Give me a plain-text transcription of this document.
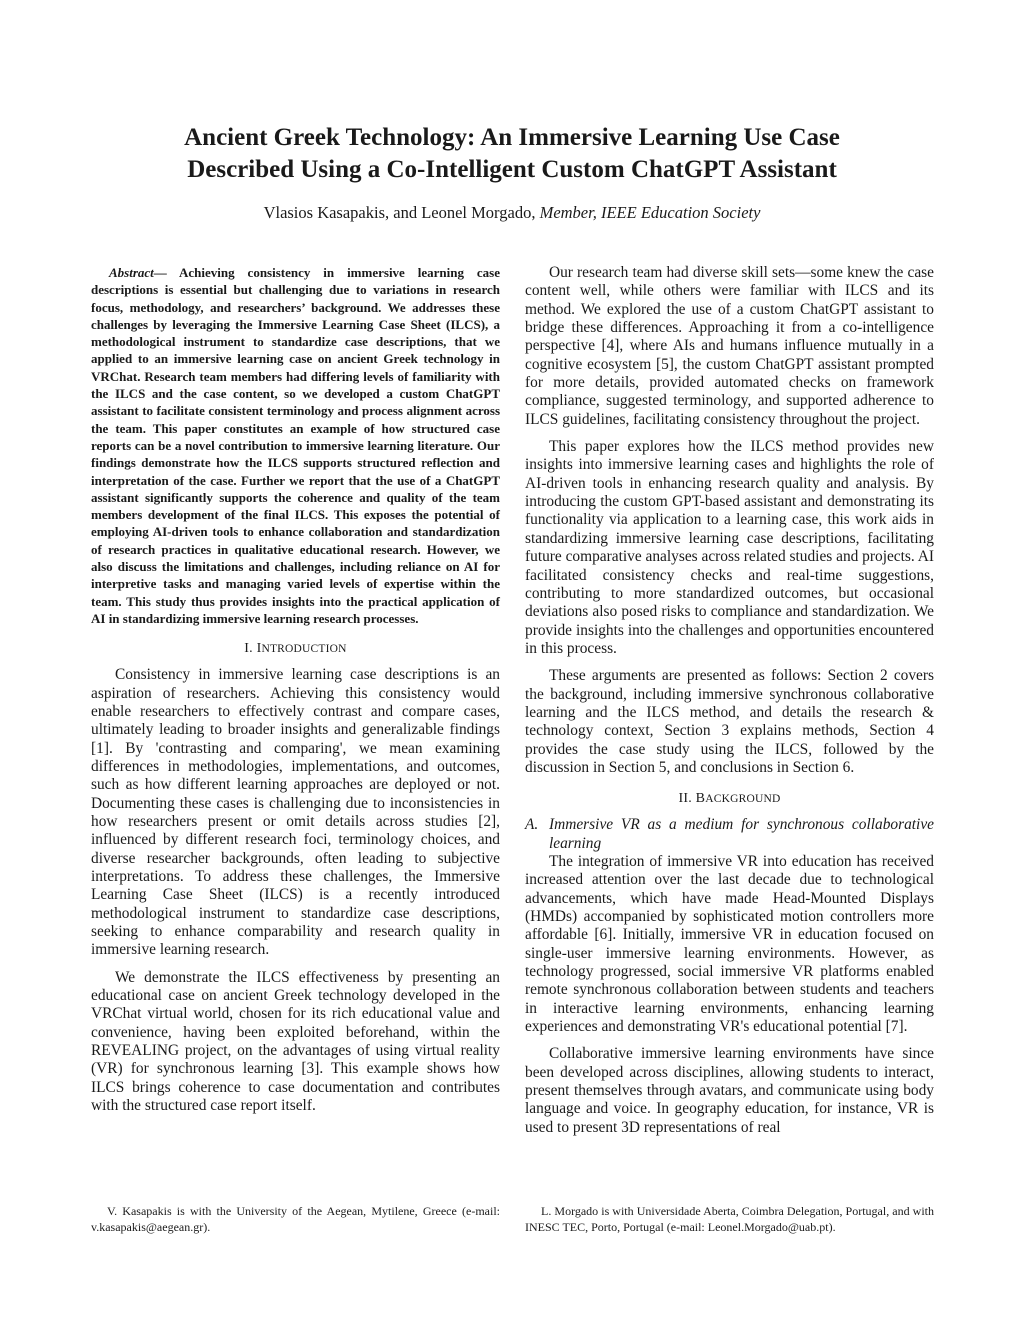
Ancient Greek Technology: An Immersive Learning Use Case
Described Using a Co-Intelligent Custom ChatGPT Assistant
Vlasios Kasapakis, and Leonel Morgado, Member, IEEE Education Society

Abstract— Achieving consistency in immersive learning case descriptions is essential but challenging due to variations in research focus, methodology, and researchers’ background. We addresses these challenges by leveraging the Immersive Learning Case Sheet (ILCS), a methodological instrument to standardize case descriptions, that we applied to an immersive learning case on ancient Greek technology in VRChat. Research team members had differing levels of familiarity with the ILCS and the case content, so we developed a custom ChatGPT assistant to facilitate consistent terminology and process alignment across the team. This paper constitutes an example of how structured case reports can be a novel contribution to immersive learning literature. Our findings demonstrate how the ILCS supports structured reflection and interpretation of the case. Further we report that the use of a ChatGPT assistant significantly supports the coherence and quality of the team members development of the final ILCS. This exposes the potential of employing AI-driven tools to enhance collaboration and standardization of research practices in qualitative educational research. However, we also discuss the limitations and challenges, including reliance on AI for interpretive tasks and managing varied levels of expertise within the team. This study thus provides insights into the practical application of AI in standardizing immersive learning research processes.

I. INTRODUCTION

Consistency in immersive learning case descriptions is an aspiration of researchers. Achieving this consistency would enable researchers to effectively contrast and compare cases, ultimately leading to broader insights and generalizable findings [1]. By 'contrasting and comparing', we mean examining differences in methodologies, implementations, and outcomes, such as how different learning approaches are deployed or not. Documenting these cases is challenging due to inconsistencies in how researchers present or omit details across studies [2], influenced by different research foci, terminology choices, and diverse researcher backgrounds, often leading to subjective interpretations. To address these challenges, the Immersive Learning Case Sheet (ILCS) is a recently introduced methodological instrument to standardize case descriptions, seeking to enhance comparability and research quality in immersive learning research.

We demonstrate the ILCS effectiveness by presenting an educational case on ancient Greek technology developed in the VRChat virtual world, chosen for its rich educational value and convenience, having been exploited beforehand, within the REVEALING project, on the advantages of using virtual reality (VR) for synchronous learning [3]. This example shows how ILCS brings coherence to case documentation and contributes with the structured case report itself.

Our research team had diverse skill sets—some knew the case content well, while others were familiar with ILCS and its method. We explored the use of a custom ChatGPT assistant to bridge these differences. Approaching it from a co-intelligence perspective [4], where AIs and humans influence mutually in a cognitive ecosystem [5], the custom ChatGPT assistant prompted for more details, provided automated checks on framework compliance, suggested terminology, and supported adherence to ILCS guidelines, facilitating consistency throughout the project.

This paper explores how the ILCS method provides new insights into immersive learning cases and highlights the role of AI-driven tools in enhancing research quality and analysis. By introducing the custom GPT-based assistant and demonstrating its functionality via application to a learning case, this work aids in standardizing immersive learning case descriptions, facilitating future comparative analyses across related studies and projects. AI facilitated consistency checks and real-time suggestions, contributing to more standardized outcomes, but occasional deviations also posed risks to compliance and standardization. We provide insights into the challenges and opportunities encountered in this process.

These arguments are presented as follows: Section 2 covers the background, including immersive synchronous collaborative learning and the ILCS method, and details the research & technology context, Section 3 explains methods, Section 4 provides the case study using the ILCS, followed by the discussion in Section 5, and conclusions in Section 6.

II. BACKGROUND

A. Immersive VR as a medium for synchronous collaborative learning

The integration of immersive VR into education has received increased attention over the last decade due to technological advancements, which have made Head-Mounted Displays (HMDs) accompanied by sophisticated motion controllers more affordable [6]. Initially, immersive VR in education focused on single-user immersive learning environments. However, as technology progressed, social immersive VR platforms enabled remote synchronous collaboration between students and teachers in interactive learning environments, enhancing learning experiences and demonstrating VR's educational potential [7].

Collaborative immersive learning environments have since been developed across disciplines, allowing students to interact, present themselves through avatars, and communicate using body language and voice. In geography education, for instance, VR is used to present 3D representations of real

V. Kasapakis is with the University of the Aegean, Mytilene, Greece (e-mail: v.kasapakis@aegean.gr).

L. Morgado is with Universidade Aberta, Coimbra Delegation, Portugal, and with INESC TEC, Porto, Portugal (e-mail: Leonel.Morgado@uab.pt).
